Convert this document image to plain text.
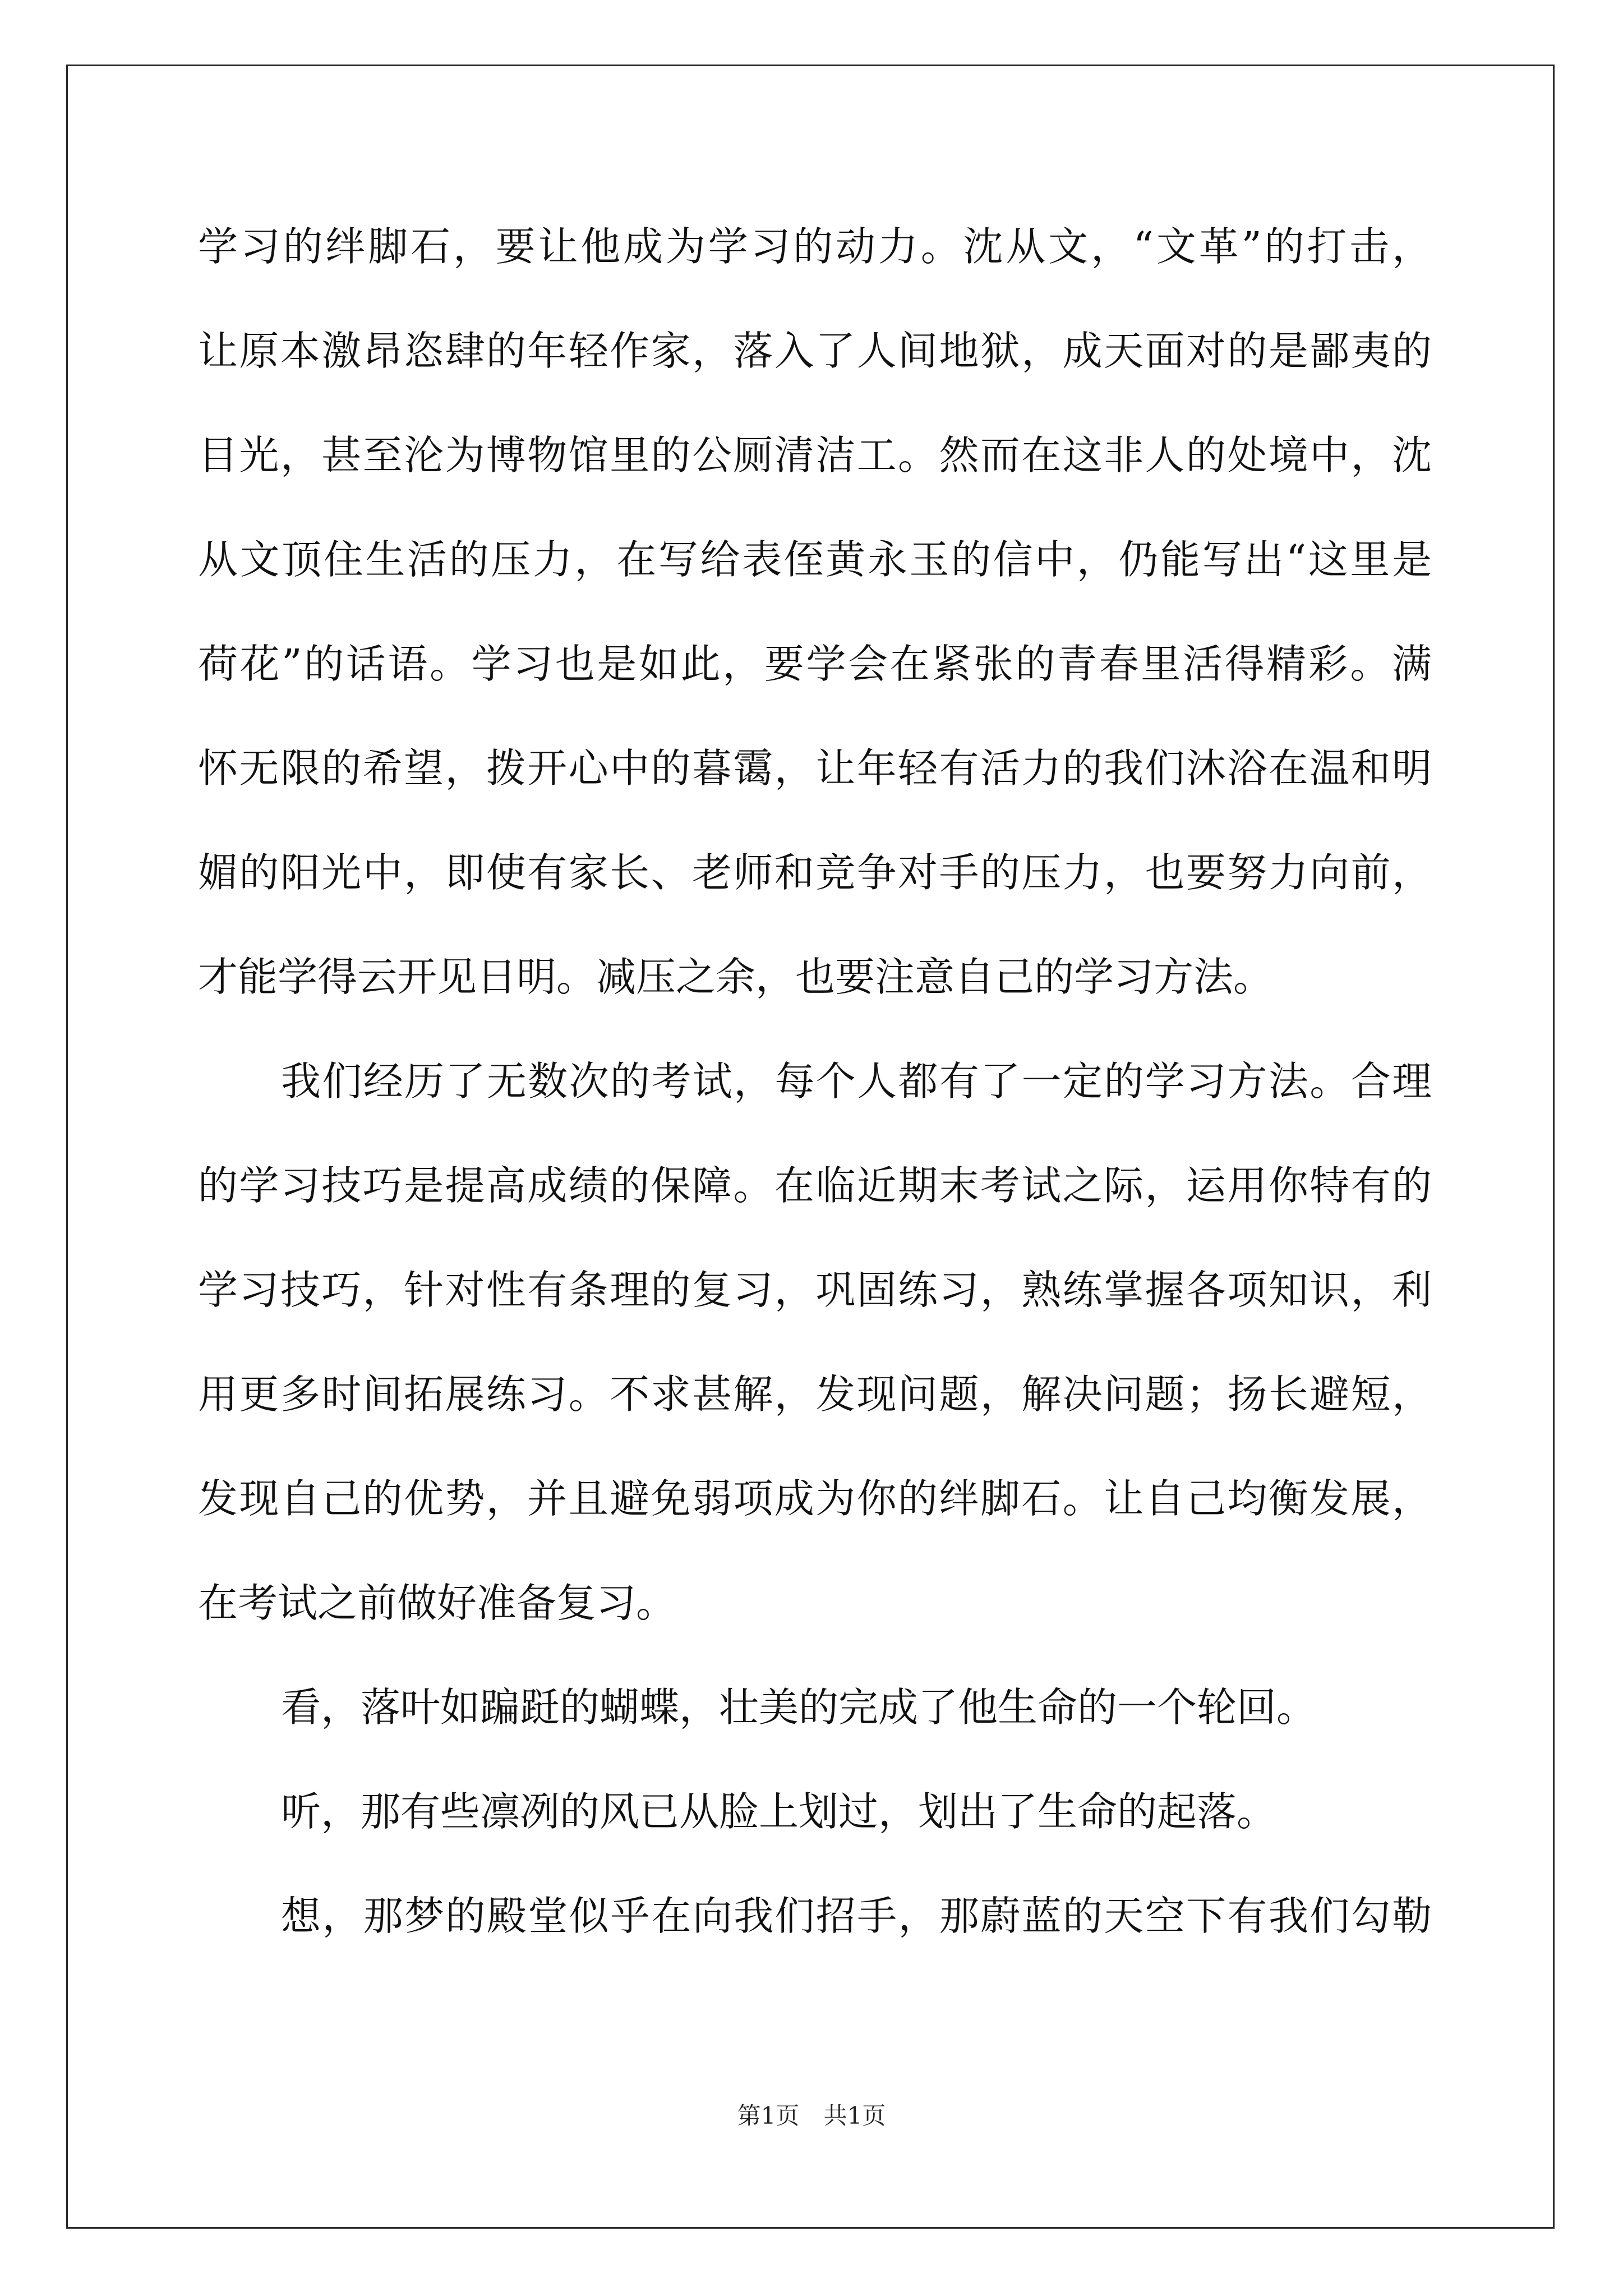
学习的绊脚石，要让他成为学习的动力。沈从文，“文革”的打击，
让原本激昂恣肆的年轻作家，落入了人间地狱，成天面对的是鄙夷的
目光，甚至沦为博物馆里的公厕清洁工。然而在这非人的处境中，沈
从文顶住生活的压力，在写给表侄黄永玉的信中，仍能写出“这里是
荷花”的话语。学习也是如此，要学会在紧张的青春里活得精彩。满
怀无限的希望，拨开心中的暮霭，让年轻有活力的我们沐浴在温和明
媚的阳光中，即使有家长、老师和竞争对手的压力，也要努力向前，
才能学得云开见日明。减压之余，也要注意自己的学习方法。
我们经历了无数次的考试，每个人都有了一定的学习方法。合理
的学习技巧是提高成绩的保障。在临近期末考试之际，运用你特有的
学习技巧，针对性有条理的复习，巩固练习，熟练掌握各项知识，利
用更多时间拓展练习。不求甚解，发现问题，解决问题；扬长避短，
发现自己的优势，并且避免弱项成为你的绊脚石。让自己均衡发展，
在考试之前做好准备复习。
看，落叶如蹁跹的蝴蝶，壮美的完成了他生命的一个轮回。
听，那有些凛冽的风已从脸上划过，划出了生命的起落。
想，那梦的殿堂似乎在向我们招手，那蔚蓝的天空下有我们勾勒
第1页 共1页
